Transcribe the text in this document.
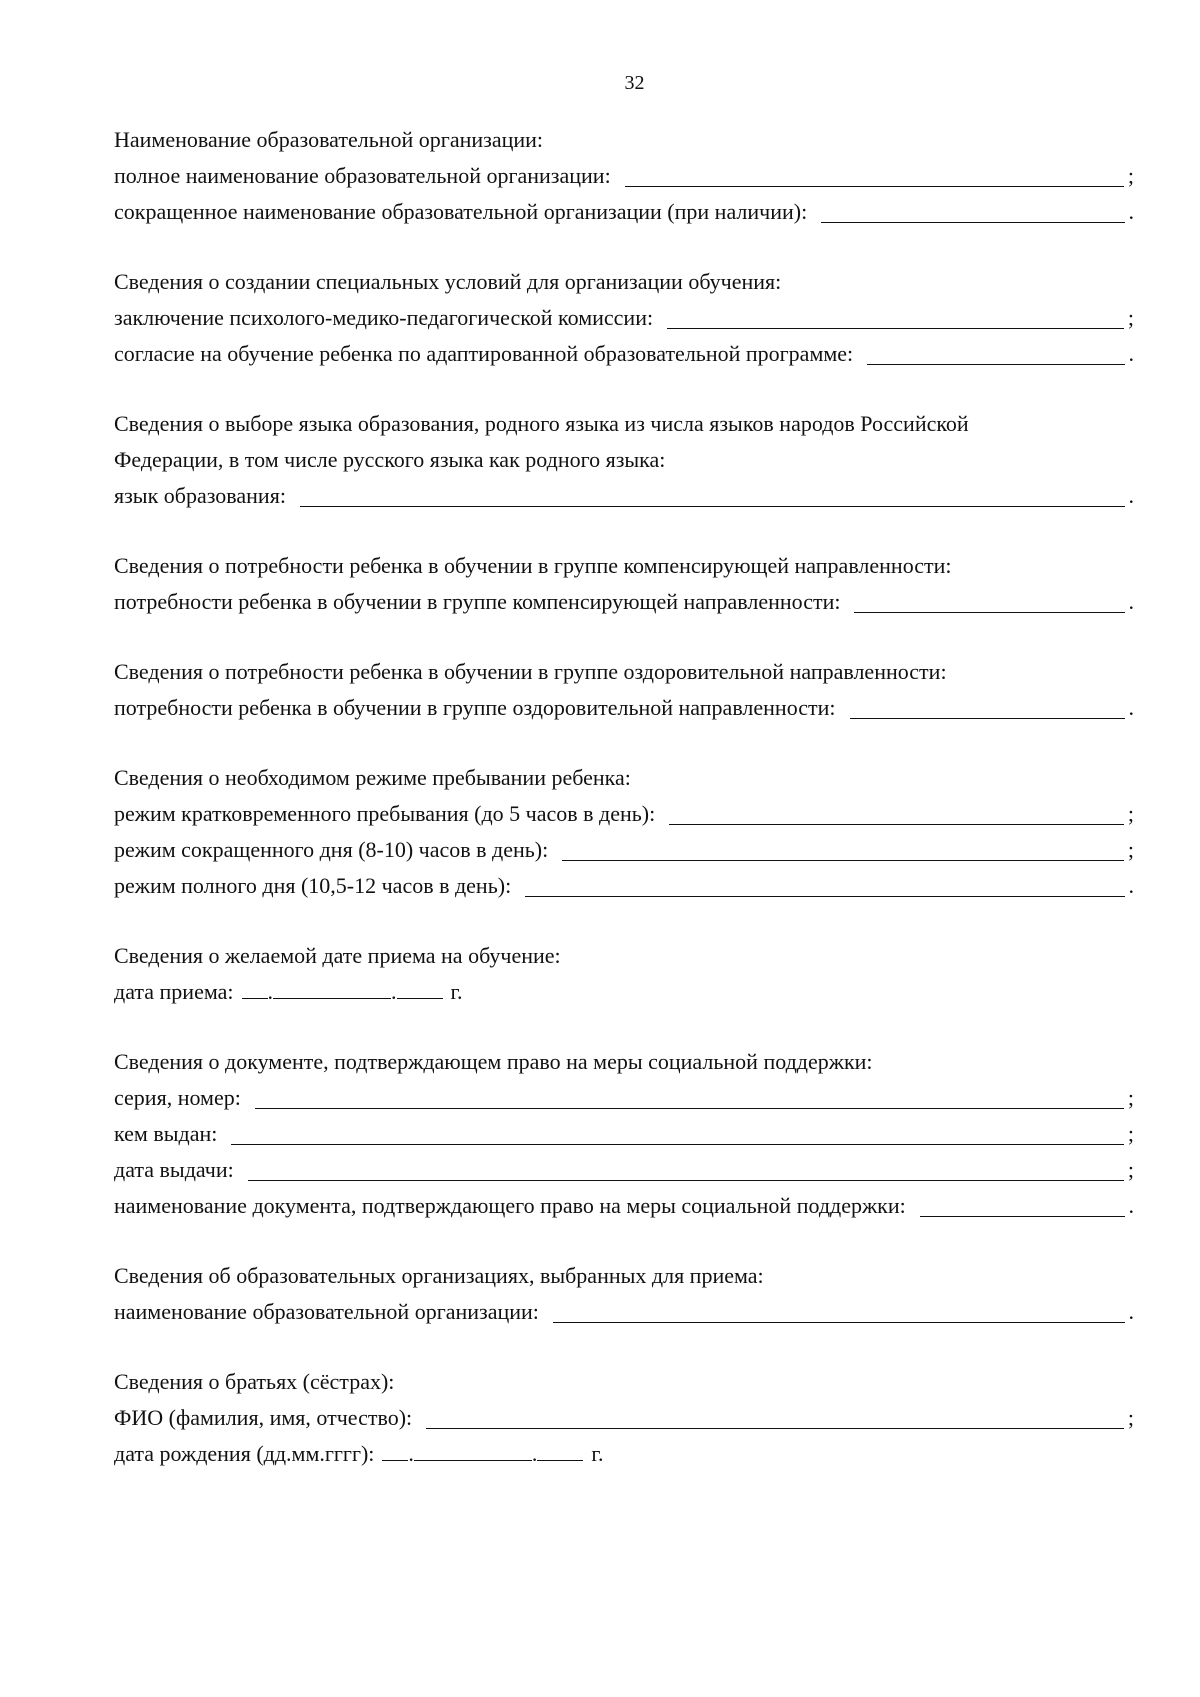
32
Наименование образовательной организации:
полное наименование образовательной организации:	;
сокращенное наименование образовательной организации (при наличии):	.
Сведения о создании специальных условий для организации обучения:
заключение психолого-медико-педагогической комиссии:	;
согласие на обучение ребенка по адаптированной образовательной программе:	.
Сведения о выборе языка образования, родного языка из числа языков народов Российской
Федерации, в том числе русского языка как родного языка:
язык образования:	.
Сведения о потребности ребенка в обучении в группе компенсирующей направленности:
потребности ребенка в обучении в группе компенсирующей направленности:	.
Сведения о потребности ребенка в обучении в группе оздоровительной направленности:
потребности ребенка в обучении в группе оздоровительной направленности:	.
Сведения о необходимом режиме пребывании ребенка:
режим кратковременного пребывания (до 5 часов в день):	;
режим сокращенного дня (8-10) часов в день):	;
режим полного дня (10,5-12 часов в день):	.
Сведения о желаемой дате приема на обучение:
дата приема: .	. г.
Сведения о документе, подтверждающем право на меры социальной поддержки:
серия, номер:	;
кем выдан:	;
дата выдачи:	;
наименование документа, подтверждающего право на меры социальной поддержки:	.
Сведения об образовательных организациях, выбранных для приема:
наименование образовательной организации:	.
Сведения о братьях (сёстрах):
ФИО (фамилия, имя, отчество):	;
дата рождения (дд.мм.гггг): .	. г.
